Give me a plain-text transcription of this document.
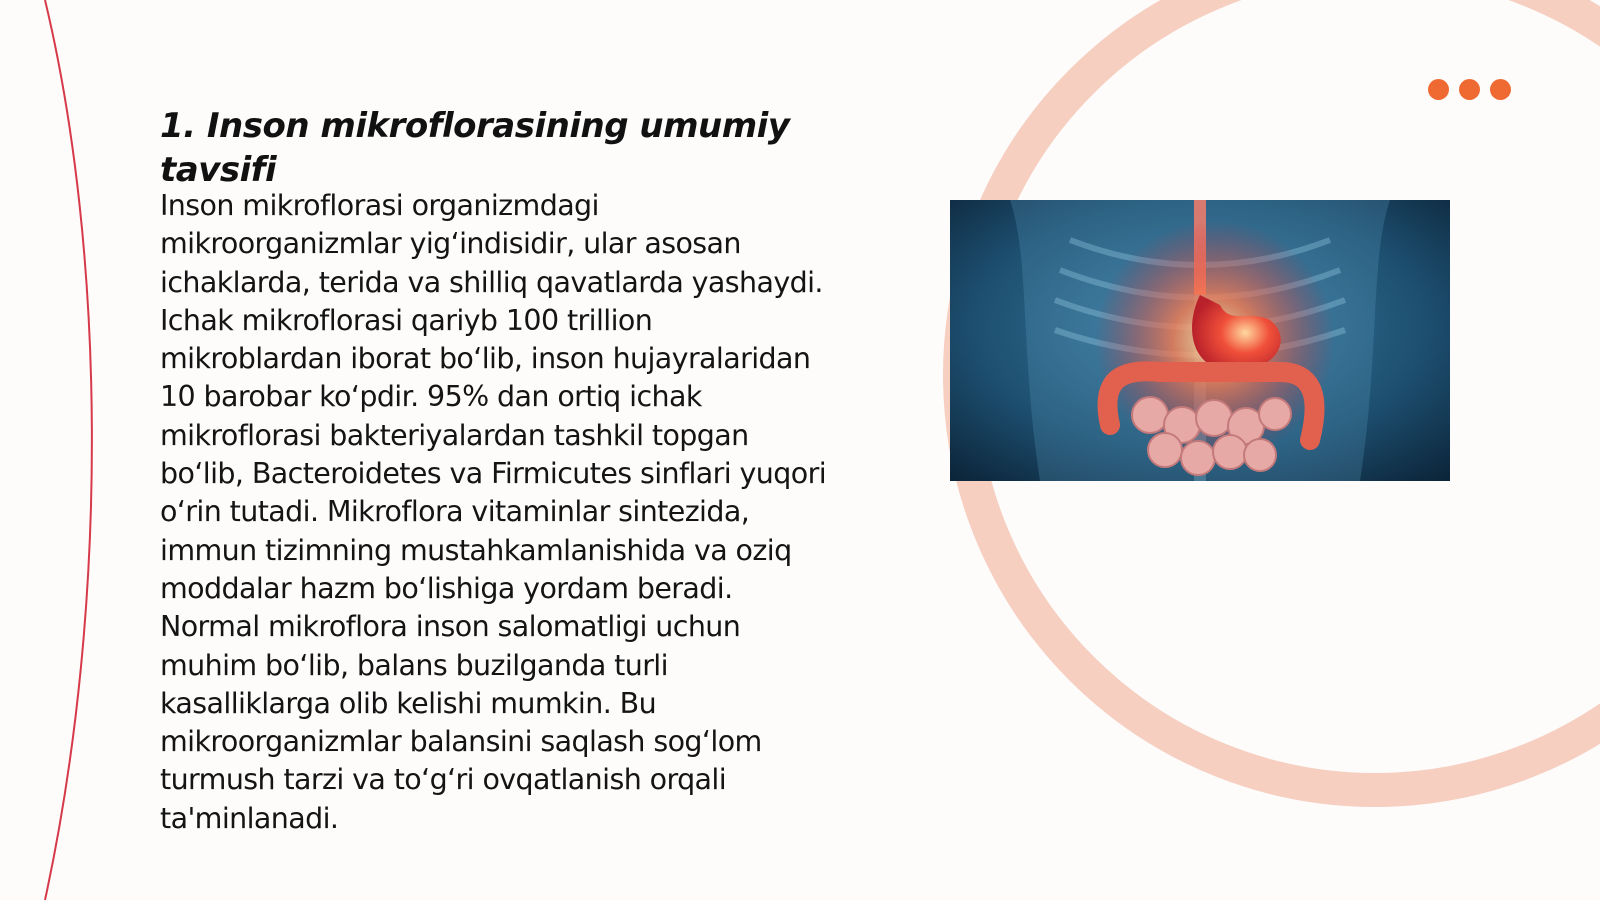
1. Inson mikroflorasining umumiy tavsifi

Inson mikroflorasi organizmdagi mikroorganizmlar yig‘indisidir, ular asosan ichaklarda, terida va shilliq qavatlarda yashaydi. Ichak mikroflorasi qariyb 100 trillion mikroblardan iborat bo‘lib, inson hujayralaridan 10 barobar ko‘pdir. 95% dan ortiq ichak mikroflorasi bakteriyalardan tashkil topgan bo‘lib, Bacteroidetes va Firmicutes sinflari yuqori o‘rin tutadi. Mikroflora vitaminlar sintezida, immun tizimning mustahkamlanishida va oziq moddalar hazm bo‘lishiga yordam beradi. Normal mikroflora inson salomatligi uchun muhim bo‘lib, balans buzilganda turli kasalliklarga olib kelishi mumkin. Bu mikroorganizmlar balansini saqlash sog‘lom turmush tarzi va to‘g‘ri ovqatlanish orqali ta'minlanadi.
